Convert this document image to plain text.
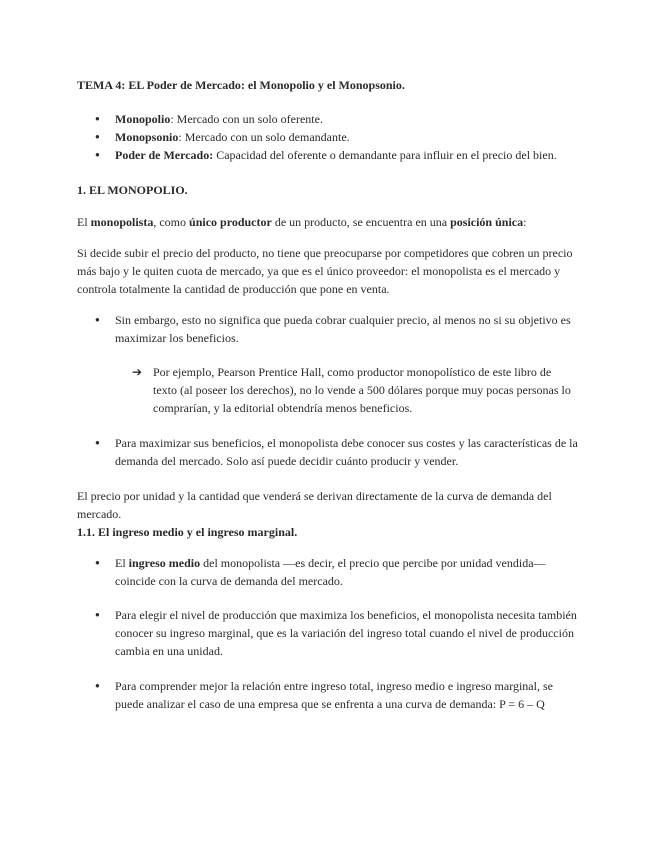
TEMA 4: EL Poder de Mercado: el Monopolio y el Monopsonio.
● Monopolio: Mercado con un solo oferente.
● Monopsonio: Mercado con un solo demandante.
● Poder de Mercado: Capacidad del oferente o demandante para influir en el precio del bien.
1. EL MONOPOLIO.
El monopolista, como único productor de un producto, se encuentra en una posición única:
Si decide subir el precio del producto, no tiene que preocuparse por competidores que cobren un precio más bajo y le quiten cuota de mercado, ya que es el único proveedor: el monopolista es el mercado y controla totalmente la cantidad de producción que pone en venta.
● Sin embargo, esto no significa que pueda cobrar cualquier precio, al menos no si su objetivo es maximizar los beneficios.
➔ Por ejemplo, Pearson Prentice Hall, como productor monopolístico de este libro de texto (al poseer los derechos), no lo vende a 500 dólares porque muy pocas personas lo comprarían, y la editorial obtendría menos beneficios.
● Para maximizar sus beneficios, el monopolista debe conocer sus costes y las características de la demanda del mercado. Solo así puede decidir cuánto producir y vender.
El precio por unidad y la cantidad que venderá se derivan directamente de la curva de demanda del mercado.
1.1. El ingreso medio y el ingreso marginal.
● El ingreso medio del monopolista —es decir, el precio que percibe por unidad vendida— coincide con la curva de demanda del mercado.
● Para elegir el nivel de producción que maximiza los beneficios, el monopolista necesita también conocer su ingreso marginal, que es la variación del ingreso total cuando el nivel de producción cambia en una unidad.
● Para comprender mejor la relación entre ingreso total, ingreso medio e ingreso marginal, se puede analizar el caso de una empresa que se enfrenta a una curva de demanda: P = 6 – Q
